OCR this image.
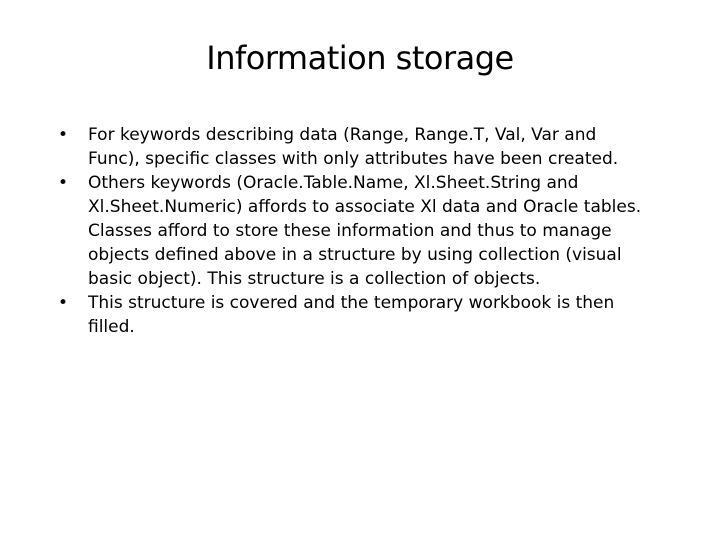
Information storage
• For keywords describing data (Range, Range.T, Val, Var and
Func), specific classes with only attributes have been created.
• Others keywords (Oracle.Table.Name, Xl.Sheet.String and
Xl.Sheet.Numeric) affords to associate Xl data and Oracle tables.
Classes afford to store these information and thus to manage
objects defined above in a structure by using collection (visual
basic object). This structure is a collection of objects.
• This structure is covered and the temporary workbook is then
filled.
